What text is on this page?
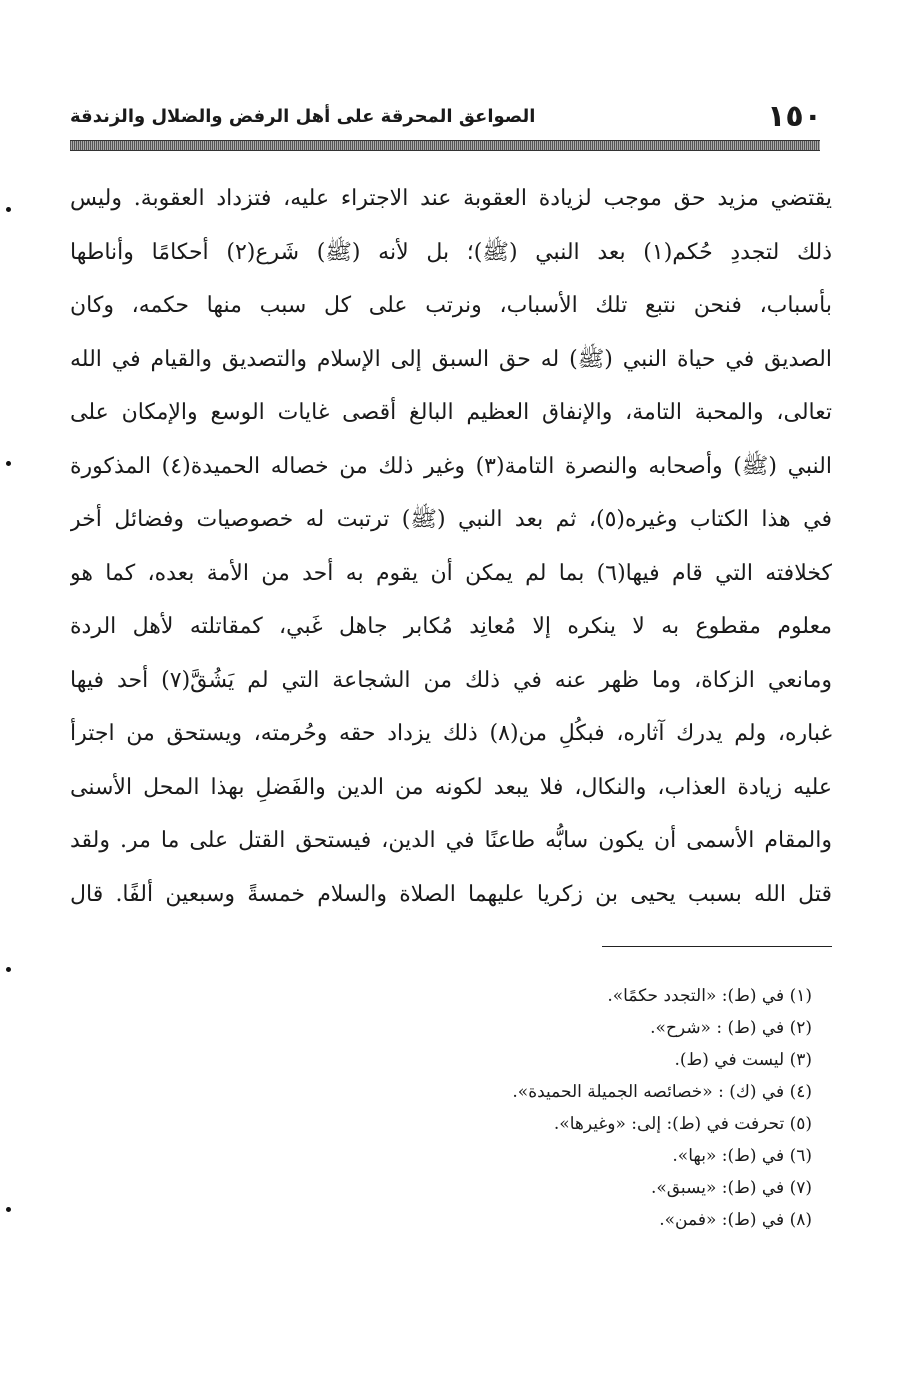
١٥٠
الصواعق المحرقة على أهل الرفض والضلال والزندقة
يقتضي مزيد حق موجب لزيادة العقوبة عند الاجتراء عليه، فتزداد العقوبة. وليس
ذلك لتجددِ حُكم(١) بعد النبي (ﷺ)؛ بل لأنه (ﷺ) شَرع(٢) أحكامًا وأناطها
بأسباب، فنحن نتبع تلك الأسباب، ونرتب على كل سبب منها حكمه، وكان
الصديق في حياة النبي (ﷺ) له حق السبق إلى الإسلام والتصديق والقيام في الله
تعالى، والمحبة التامة، والإنفاق العظيم البالغ أقصى غايات الوسع والإمكان على
النبي (ﷺ) وأصحابه والنصرة التامة(٣) وغير ذلك من خصاله الحميدة(٤) المذكورة
في هذا الكتاب وغيره(٥)، ثم بعد النبي (ﷺ) ترتبت له خصوصيات وفضائل أخر
كخلافته التي قام فيها(٦) بما لم يمكن أن يقوم به أحد من الأمة بعده، كما هو
معلوم مقطوع به لا ينكره إلا مُعانِد مُكابر جاهل غَبي، كمقاتلته لأهل الردة
ومانعي الزكاة، وما ظهر عنه في ذلك من الشجاعة التي لم يَشُقَّ(٧) أحد فيها
غباره، ولم يدرك آثاره، فبكُلِ من(٨) ذلك يزداد حقه وحُرمته، ويستحق من اجترأ
عليه زيادة العذاب، والنكال، فلا يبعد لكونه من الدين والفَضلِ بهذا المحل الأسنى
والمقام الأسمى أن يكون سابُّه طاعنًا في الدين، فيستحق القتل على ما مر. ولقد
قتل الله بسبب يحيى بن زكريا عليهما الصلاة والسلام خمسةً وسبعين ألفًا. قال
(١) في (ط): «التجدد حكمًا».
(٢) في (ط) : «شرح».
(٣) ليست في (ط).
(٤) في (ك) : «خصائصه الجميلة الحميدة».
(٥) تحرفت في (ط): إلى: «وغيرها».
(٦) في (ط): «بها».
(٧) في (ط): «يسبق».
(٨) في (ط): «فمن».
